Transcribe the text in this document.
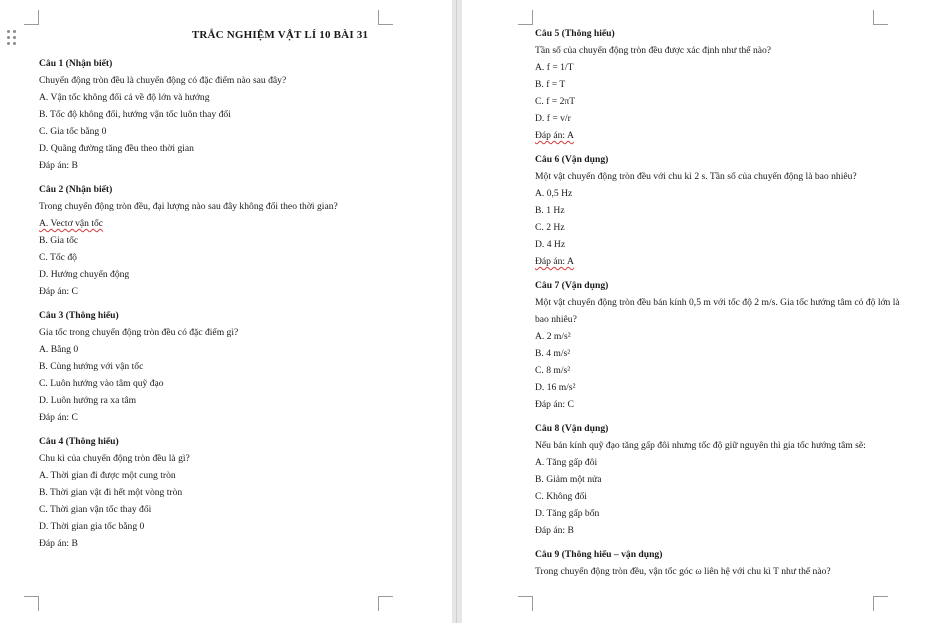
TRẮC NGHIỆM VẬT LÍ 10 BÀI 31
Câu 1 (Nhận biết)
Chuyển động tròn đều là chuyển động có đặc điểm nào sau đây?
A. Vận tốc không đổi cả về độ lớn và hướng
B. Tốc độ không đổi, hướng vận tốc luôn thay đổi
C. Gia tốc bằng 0
D. Quãng đường tăng đều theo thời gian
Đáp án: B
Câu 2 (Nhận biết)
Trong chuyển động tròn đều, đại lượng nào sau đây không đổi theo thời gian?
A. Vectơ vận tốc
B. Gia tốc
C. Tốc độ
D. Hướng chuyển động
Đáp án: C
Câu 3 (Thông hiểu)
Gia tốc trong chuyển động tròn đều có đặc điểm gì?
A. Bằng 0
B. Cùng hướng với vận tốc
C. Luôn hướng vào tâm quỹ đạo
D. Luôn hướng ra xa tâm
Đáp án: C
Câu 4 (Thông hiểu)
Chu kì của chuyển động tròn đều là gì?
A. Thời gian đi được một cung tròn
B. Thời gian vật đi hết một vòng tròn
C. Thời gian vận tốc thay đổi
D. Thời gian gia tốc bằng 0
Đáp án: B
Câu 5 (Thông hiểu)
Tần số của chuyển động tròn đều được xác định như thế nào?
A. f = 1/T
B. f = T
C. f = 2πT
D. f = v/r
Đáp án: A
Câu 6 (Vận dụng)
Một vật chuyển động tròn đều với chu kì 2 s. Tần số của chuyển động là bao nhiêu?
A. 0,5 Hz
B. 1 Hz
C. 2 Hz
D. 4 Hz
Đáp án: A
Câu 7 (Vận dụng)
Một vật chuyển động tròn đều bán kính 0,5 m với tốc độ 2 m/s. Gia tốc hướng tâm có độ lớn là bao nhiêu?
A. 2 m/s²
B. 4 m/s²
C. 8 m/s²
D. 16 m/s²
Đáp án: C
Câu 8 (Vận dụng)
Nếu bán kính quỹ đạo tăng gấp đôi nhưng tốc độ giữ nguyên thì gia tốc hướng tâm sẽ:
A. Tăng gấp đôi
B. Giảm một nửa
C. Không đổi
D. Tăng gấp bốn
Đáp án: B
Câu 9 (Thông hiểu – vận dụng)
Trong chuyển động tròn đều, vận tốc góc ω liên hệ với chu kì T như thế nào?
